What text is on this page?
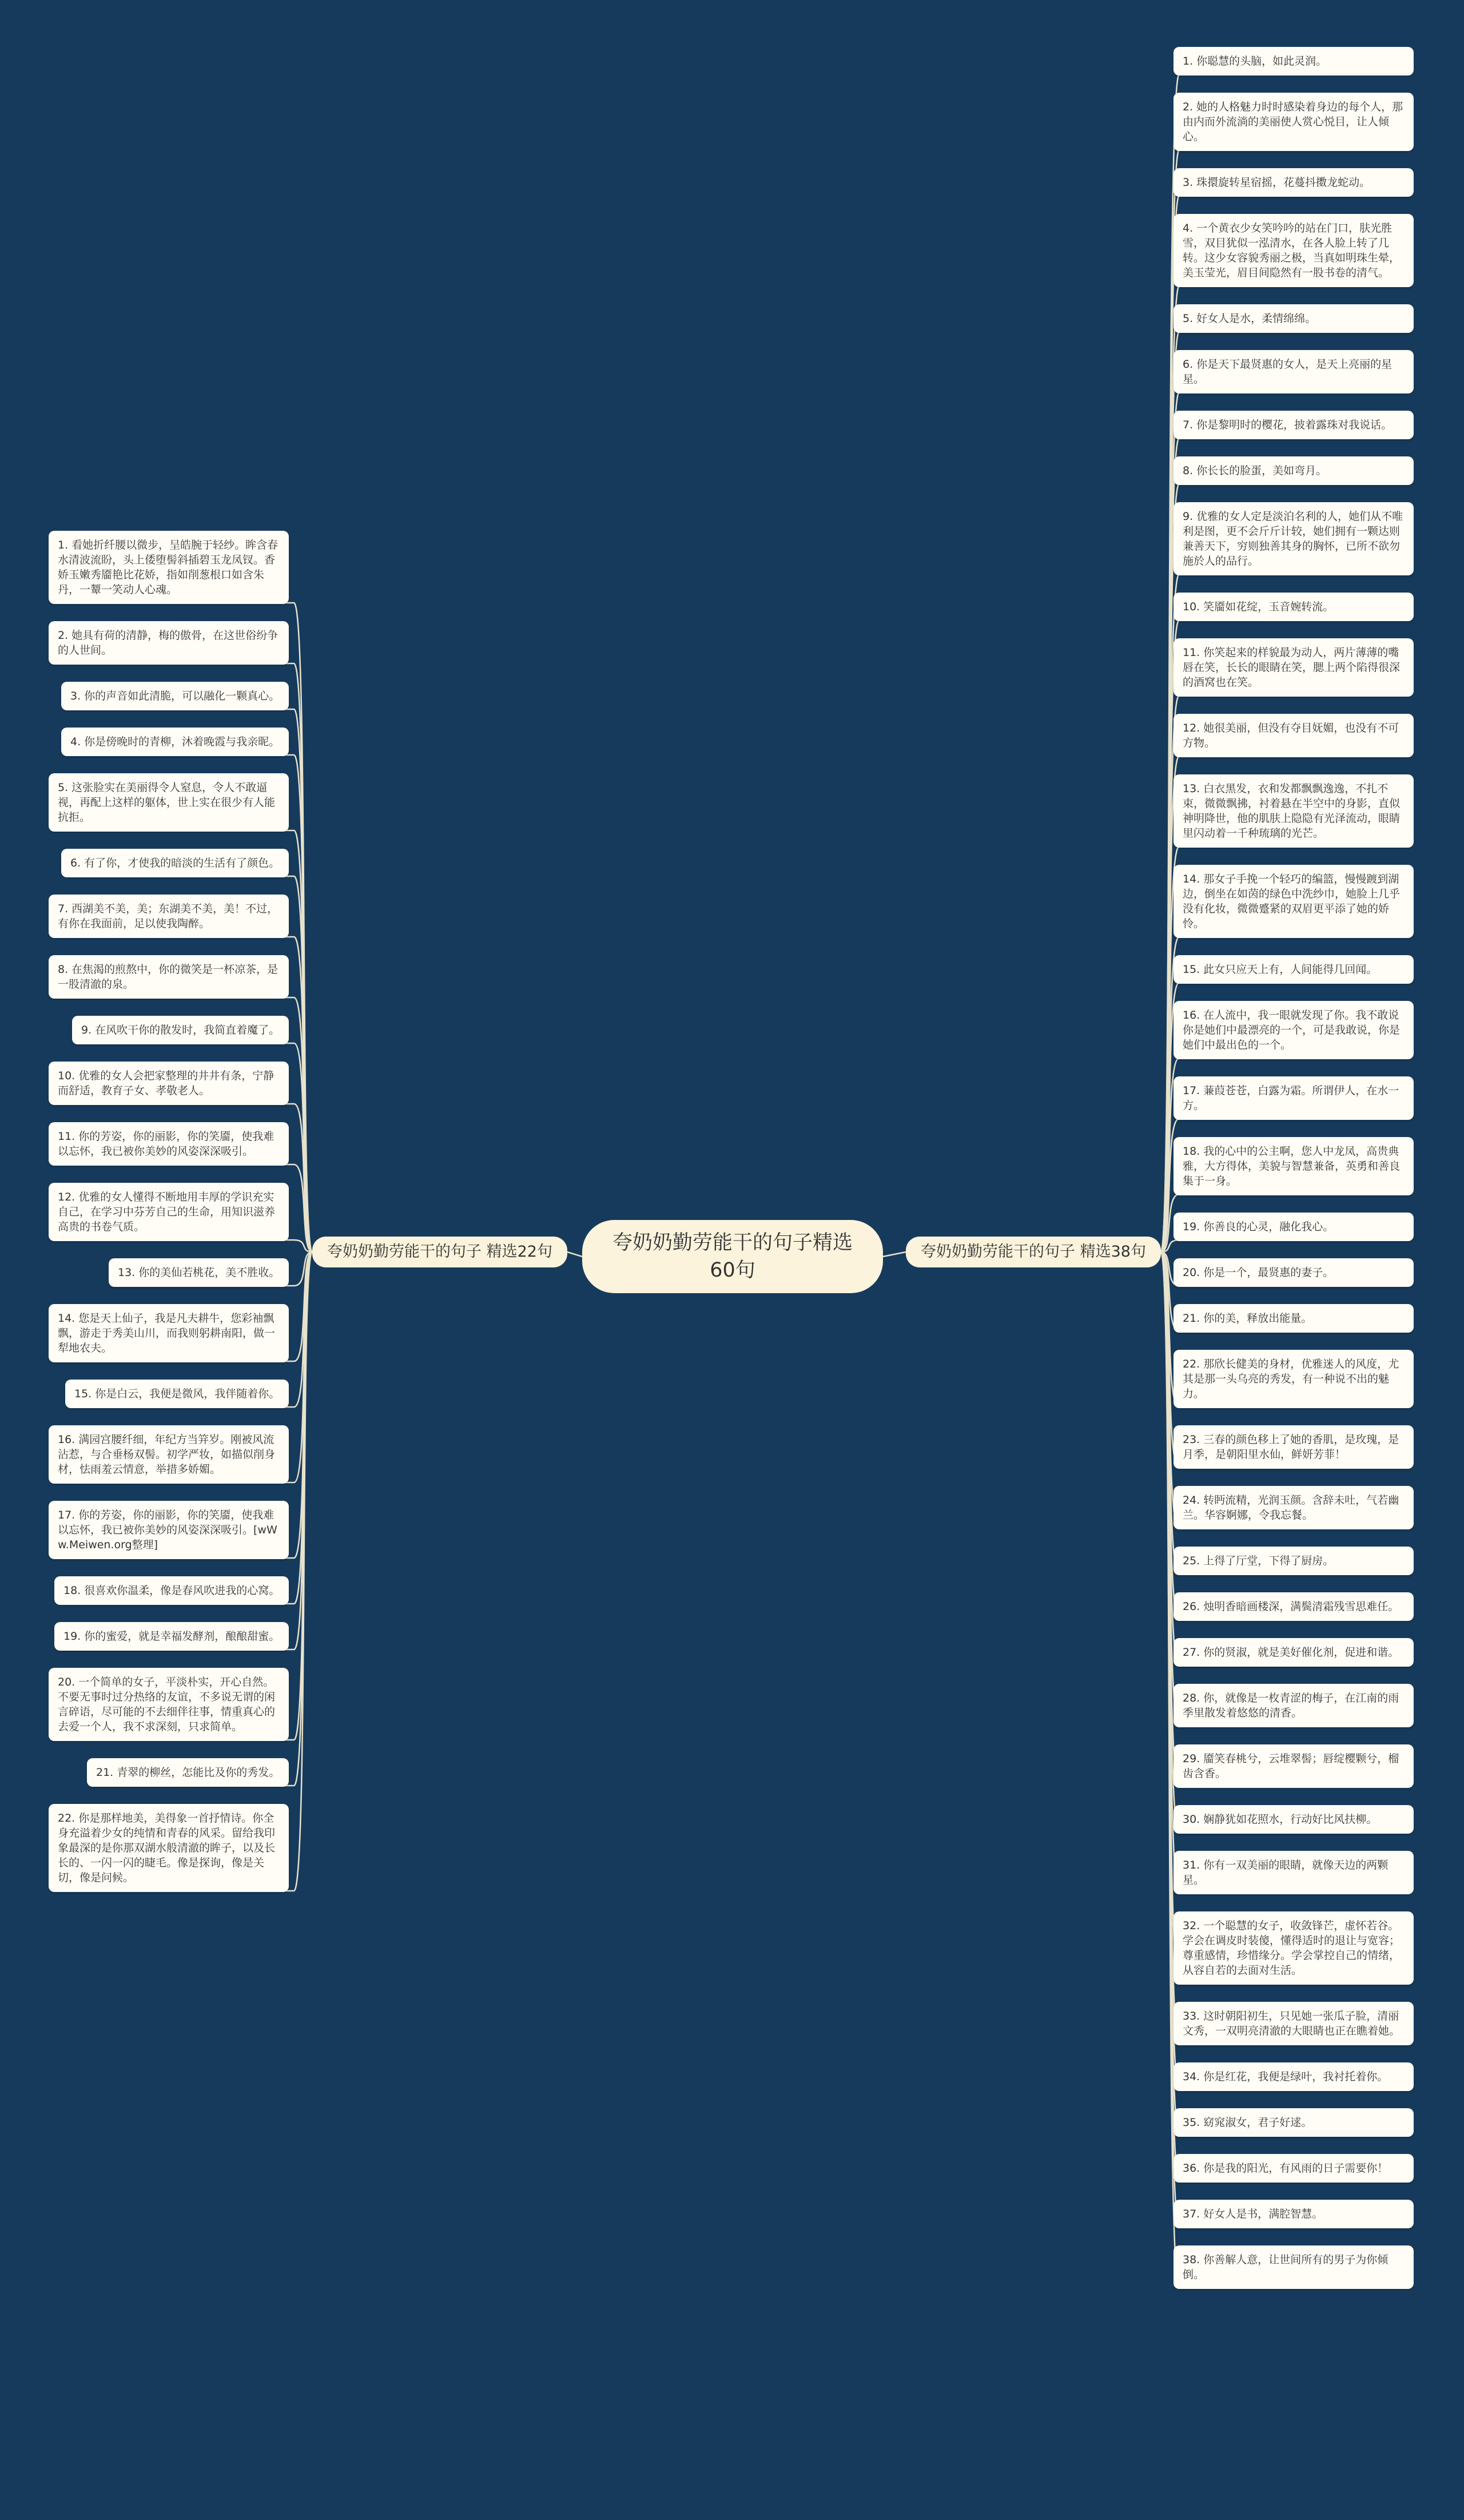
夸奶奶勤劳能干的句子精选60句
夸奶奶勤劳能干的句子 精选22句	夸奶奶勤劳能干的句子 精选38句
1. 看她折纤腰以微步，呈皓腕于轻纱。眸含春水清波流盼，头上倭堕髻斜插碧玉龙凤钗。香娇玉嫩秀靥艳比花娇，指如削葱根口如含朱丹，一颦一笑动人心魂。
2. 她具有荷的清静，梅的傲骨，在这世俗纷争的人世间。
3. 你的声音如此清脆，可以融化一颗真心。
4. 你是傍晚时的青柳，沐着晚霞与我亲昵。
5. 这张脸实在美丽得令人窒息，令人不敢逼视，再配上这样的躯体，世上实在很少有人能抗拒。
6. 有了你，才使我的暗淡的生活有了颜色。
7. 西湖美不美，美；东湖美不美，美！不过，有你在我面前，足以使我陶醉。
8. 在焦渴的煎熬中，你的微笑是一杯凉茶，是一股清澈的泉。
9. 在风吹干你的散发时，我简直着魔了。
10. 优雅的女人会把家整理的井井有条，宁静而舒适，教育子女、孝敬老人。
11. 你的芳姿，你的丽影，你的笑靥，使我难以忘怀，我已被你美妙的风姿深深吸引。
12. 优雅的女人懂得不断地用丰厚的学识充实自己，在学习中芬芳自己的生命，用知识滋养高贵的书卷气质。
13. 你的美仙若桃花，美不胜收。
14. 您是天上仙子，我是凡夫耕牛，您彩袖飘飘，游走于秀美山川，而我则躬耕南阳，做一犁地农夫。
15. 你是白云，我便是微风，我伴随着你。
16. 满园宫腰纤细，年纪方当笄岁。刚被风流沾惹，与合垂杨双髻。初学严妆，如描似削身材，怯雨羞云情意，举措多娇媚。
17. 你的芳姿，你的丽影，你的笑靥，使我难以忘怀，我已被你美妙的风姿深深吸引。[wWw.Meiwen.org整理]
18. 很喜欢你温柔，像是春风吹进我的心窝。
19. 你的蜜爱，就是幸福发酵剂，酿酿甜蜜。
20. 一个简单的女子，平淡朴实，开心自然。不要无事时过分热络的友谊，不多说无谓的闲言碎语，尽可能的不去细伴往事，情重真心的去爱一个人，我不求深刻，只求简单。
21. 青翠的柳丝，怎能比及你的秀发。
22. 你是那样地美，美得象一首抒情诗。你全身充溢着少女的纯情和青春的风采。留给我印象最深的是你那双湖水般清澈的眸子，以及长长的、一闪一闪的睫毛。像是探询，像是关切，像是问候。
1. 你聪慧的头脑，如此灵润。
2. 她的人格魅力时时感染着身边的每个人，那由内而外流淌的美丽使人赏心悦目，让人倾心。
3. 珠擐旋转星宿摇，花蔓抖擞龙蛇动。
4. 一个黄衣少女笑吟吟的站在门口，肤光胜雪，双目犹似一泓清水，在各人脸上转了几转。这少女容貌秀丽之极，当真如明珠生晕，美玉莹光，眉目间隐然有一股书卷的清气。
5. 好女人是水，柔情绵绵。
6. 你是天下最贤惠的女人，是天上亮丽的星星。
7. 你是黎明时的樱花，披着露珠对我说话。
8. 你长长的脸蛋，美如弯月。
9. 优雅的女人定是淡泊名利的人，她们从不唯利是图，更不会斤斤计较，她们拥有一颗达则兼善天下，穷则独善其身的胸怀，已所不欲勿施於人的品行。
10. 笑靥如花绽，玉音婉转流。
11. 你笑起来的样貌最为动人，两片薄薄的嘴唇在笑，长长的眼睛在笑，腮上两个陷得很深的酒窝也在笑。
12. 她很美丽，但没有夺目妩媚，也没有不可方物。
13. 白衣黑发，衣和发都飘飘逸逸，不扎不束，微微飘拂，衬着悬在半空中的身影，直似神明降世，他的肌肤上隐隐有光泽流动，眼睛里闪动着一千种琉璃的光芒。
14. 那女子手挽一个轻巧的编篮，慢慢踱到湖边，倒坐在如茵的绿色中洗纱巾，她脸上几乎没有化妆，微微蹙紧的双眉更平添了她的娇怜。
15. 此女只应天上有，人间能得几回闻。
16. 在人流中，我一眼就发现了你。我不敢说你是她们中最漂亮的一个，可是我敢说，你是她们中最出色的一个。
17. 蒹葭苍苍，白露为霜。所谓伊人，在水一方。
18. 我的心中的公主啊，您人中龙凤，高贵典雅，大方得体，美貌与智慧兼备，英勇和善良集于一身。
19. 你善良的心灵，融化我心。
20. 你是一个，最贤惠的妻子。
21. 你的美，释放出能量。
22. 那欣长健美的身材，优雅迷人的风度，尤其是那一头乌亮的秀发，有一种说不出的魅力。
23. 三春的颜色移上了她的香肌，是玫瑰，是月季，是朝阳里水仙，鲜妍芳菲！
24. 转眄流精，光润玉颜。含辞未吐，气若幽兰。华容婀娜，令我忘餐。
25. 上得了厅堂，下得了厨房。
26. 烛明香暗画楼深，满鬓清霜残雪思难任。
27. 你的贤淑，就是美好催化剂，促进和谐。
28. 你，就像是一枚青涩的梅子，在江南的雨季里散发着悠悠的清香。
29. 靥笑春桃兮，云堆翠髻；唇绽樱颗兮，榴齿含香。
30. 娴静犹如花照水，行动好比风扶柳。
31. 你有一双美丽的眼睛，就像天边的两颗星。
32. 一个聪慧的女子，收敛锋芒，虚怀若谷。学会在调皮时装傻，懂得适时的退让与宽容；尊重感情，珍惜缘分。学会掌控自己的情绪，从容自若的去面对生活。
33. 这时朝阳初生，只见她一张瓜子脸，清丽文秀，一双明亮清澈的大眼睛也正在瞧着她。
34. 你是红花，我便是绿叶，我衬托着你。
35. 窈窕淑女，君子好逑。
36. 你是我的阳光，有风雨的日子需要你！
37. 好女人是书，满腔智慧。
38. 你善解人意，让世间所有的男子为你倾倒。
